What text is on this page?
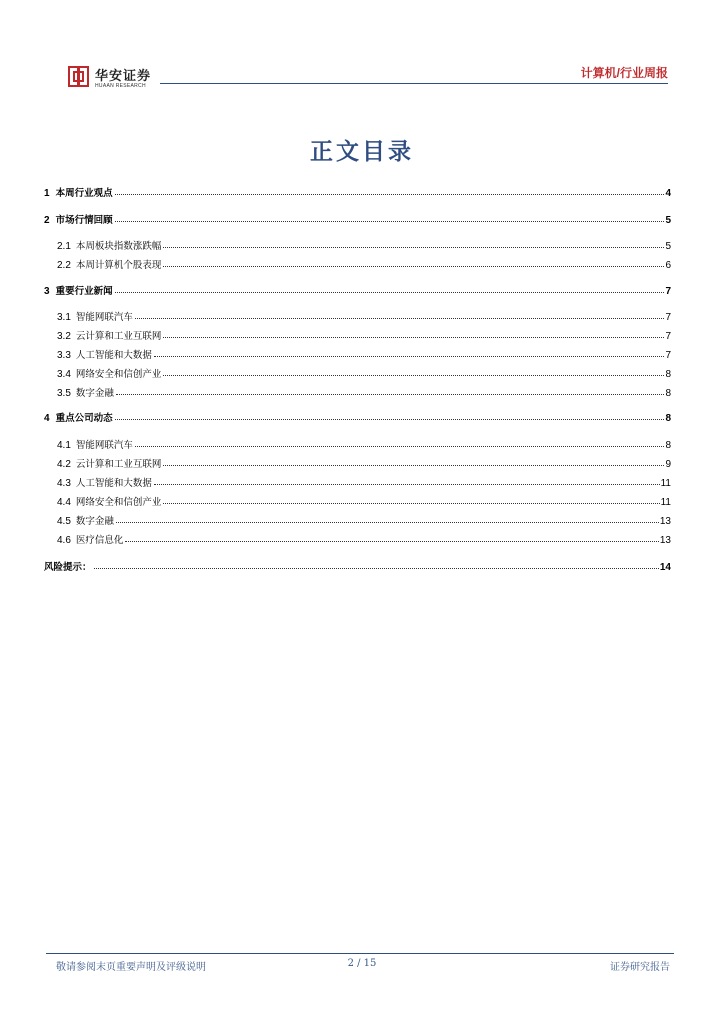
华安证券
HUAAN RESEARCH
计算机/行业周报
正文目录
1 本周行业观点	4
2 市场行情回顾	5
2.1 本周板块指数涨跌幅	5
2.2 本周计算机个股表现	6
3 重要行业新闻	7
3.1 智能网联汽车	7
3.2 云计算和工业互联网	7
3.3 人工智能和大数据	7
3.4 网络安全和信创产业	8
3.5 数字金融	8
4 重点公司动态	8
4.1 智能网联汽车	8
4.2 云计算和工业互联网	9
4.3 人工智能和大数据	11
4.4 网络安全和信创产业	11
4.5 数字金融	13
4.6 医疗信息化	13
风险提示：	14
敬请参阅末页重要声明及评级说明	2 / 15	证券研究报告
